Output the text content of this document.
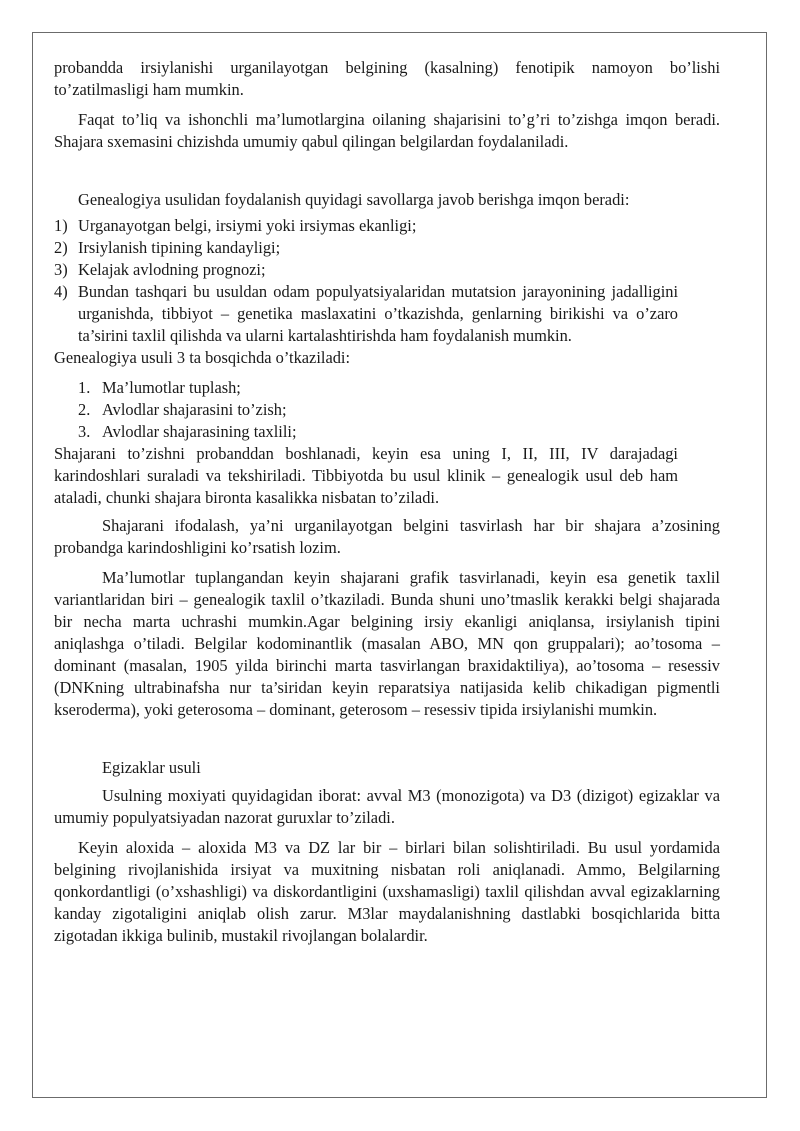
probandda irsiylanishi urganilayotgan belgining (kasalning) fenotipik namoyon bo’lishi to’zatilmasligi ham mumkin.

Faqat to’liq va ishonchli ma’lumotlargina oilaning shajarisini to’g’ri to’zishga imqon beradi. Shajara sxemasini chizishda umumiy qabul qilingan belgilardan foydalaniladi.

Genealogiya usulidan foydalanish quyidagi savollarga javob berishga imqon beradi:

1) Urganayotgan belgi, irsiymi yoki irsiymas ekanligi;
2) Irsiylanish tipining kandayligi;
3) Kelajak avlodning prognozi;
4) Bundan tashqari bu usuldan odam populyatsiyalaridan mutatsion jarayonining jadalligini urganishda, tibbiyot – genetika maslaxatini o’tkazishda, genlarning birikishi va o’zaro ta’sirini taxlil qilishda va ularni kartalashtirishda ham foydalanish mumkin.

Genealogiya usuli 3 ta bosqichda o’tkaziladi:

1. Ma’lumotlar tuplash;
2. Avlodlar shajarasini to’zish;
3. Avlodlar shajarasining taxlili;

Shajarani to’zishni probanddan boshlanadi, keyin esa uning I, II, III, IV darajadagi karindoshlari suraladi va tekshiriladi. Tibbiyotda bu usul klinik – genealogik usul deb ham ataladi, chunki shajara bironta kasalikka nisbatan to’ziladi.

Shajarani ifodalash, ya’ni urganilayotgan belgini tasvirlash har bir shajara a’zosining probandga karindoshligini ko’rsatish lozim.

Ma’lumotlar tuplangandan keyin shajarani grafik tasvirlanadi, keyin esa genetik taxlil variantlaridan biri – genealogik taxlil o’tkaziladi. Bunda shuni uno’tmaslik kerakki belgi shajarada bir necha marta uchrashi mumkin.Agar belgining irsiy ekanligi aniqlansa, irsiylanish tipini aniqlashga o’tiladi. Belgilar kodominantlik (masalan ABO, MN qon gruppalari); ao’tosoma – dominant (masalan, 1905 yilda birinchi marta tasvirlangan braxidaktiliya), ao’tosoma – resessiv (DNKning ultrabinafsha nur ta’siridan keyin reparatsiya natijasida kelib chikadigan pigmentli kseroderma), yoki geterosoma – dominant, geterosom – resessiv tipida irsiylanishi mumkin.

Egizaklar usuli

Usulning moxiyati quyidagidan iborat: avval M3 (monozigota) va D3 (dizigot) egizaklar va umumiy populyatsiyadan nazorat guruxlar to’ziladi.

Keyin aloxida – aloxida M3 va DZ lar bir – birlari bilan solishtiriladi. Bu usul yordamida belgining rivojlanishida irsiyat va muxitning nisbatan roli aniqlanadi. Ammo, Belgilarning qonkordantligi (o’xshashligi) va diskordantligini (uxshamasligi) taxlil qilishdan avval egizaklarning kanday zigotaligini aniqlab olish zarur. M3lar maydalanishning dastlabki bosqichlarida bitta zigotadan ikkiga bulinib, mustakil rivojlangan bolalardir.
